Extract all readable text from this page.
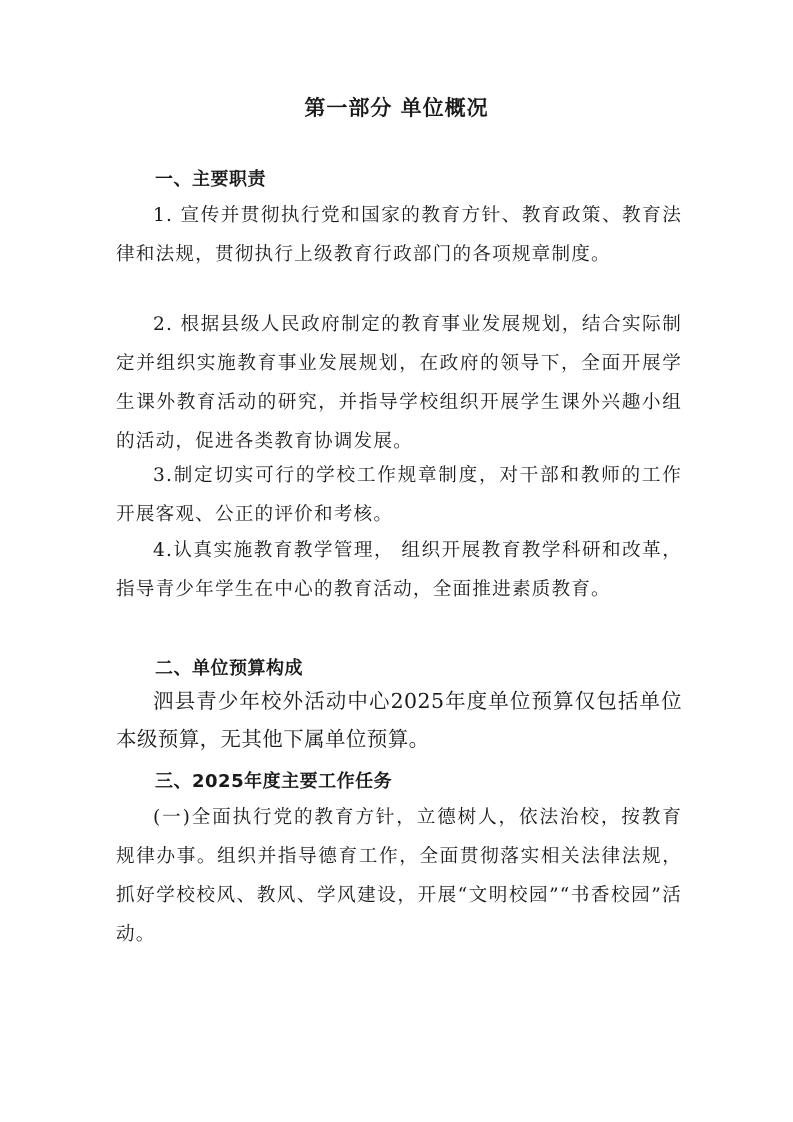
第一部分 单位概况
一、主要职责
1. 宣传并贯彻执行党和国家的教育方针、教育政策、教育法律和法规，贯彻执行上级教育行政部门的各项规章制度。
2. 根据县级人民政府制定的教育事业发展规划，结合实际制定并组织实施教育事业发展规划，在政府的领导下，全面开展学生课外教育活动的研究，并指导学校组织开展学生课外兴趣小组的活动，促进各类教育协调发展。
3.制定切实可行的学校工作规章制度，对干部和教师的工作开展客观、公正的评价和考核。
4.认真实施教育教学管理， 组织开展教育教学科研和改革，指导青少年学生在中心的教育活动，全面推进素质教育。
二、单位预算构成
泗县青少年校外活动中心2025年度单位预算仅包括单位本级预算，无其他下属单位预算。
三、2025年度主要工作任务
(一)全面执行党的教育方针，立德树人，依法治校，按教育规律办事。组织并指导德育工作，全面贯彻落实相关法律法规，抓好学校校风、教风、学风建设，开展“文明校园”“书香校园”活动。
